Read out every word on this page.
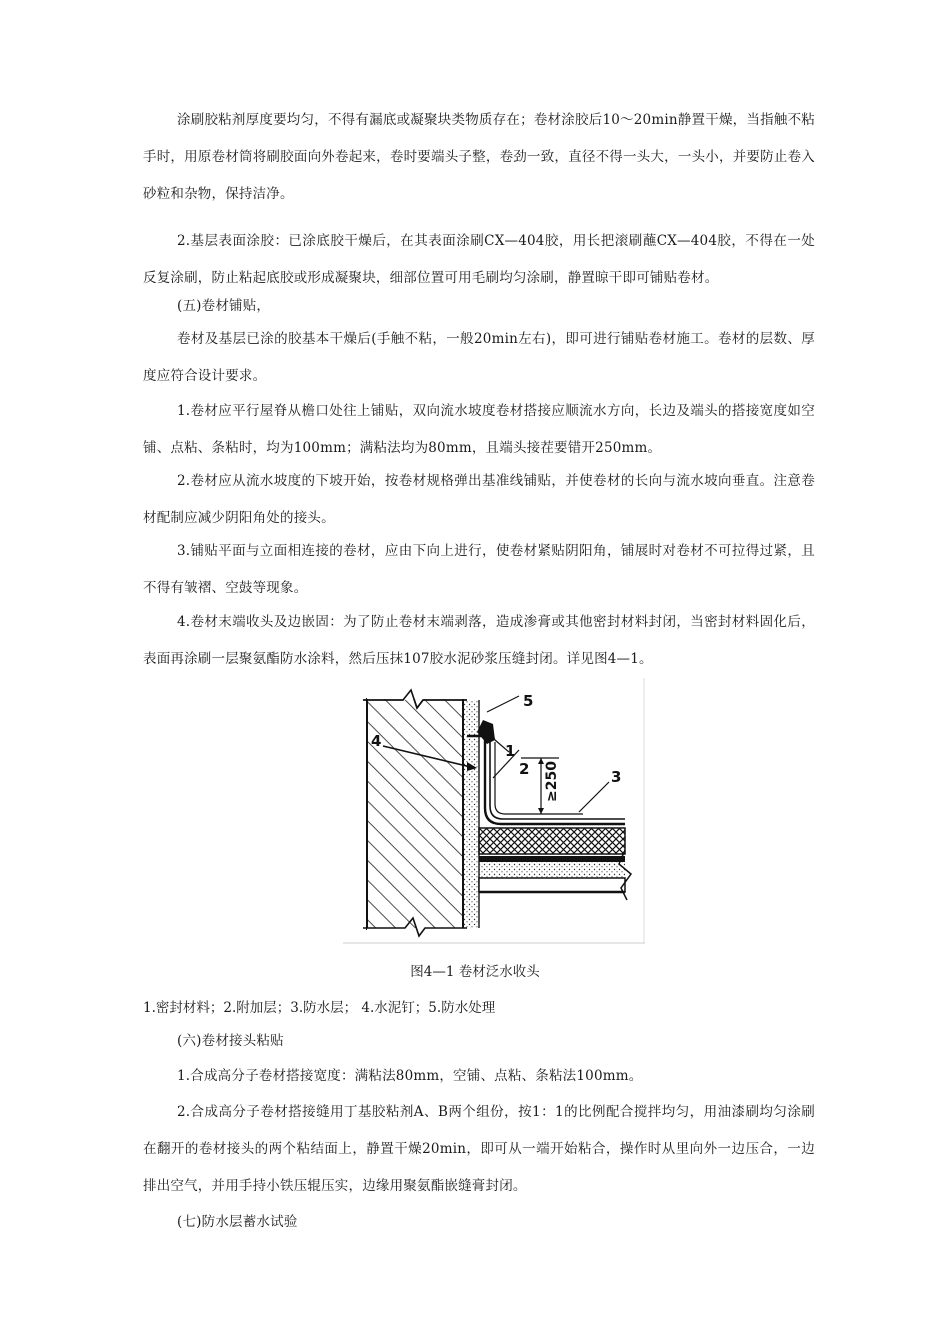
涂刷胶粘剂厚度要均匀，不得有漏底或凝聚块类物质存在；卷材涂胶后10～20min静置干燥，当指触不粘手时，用原卷材筒将刷胶面向外卷起来，卷时要端头子整，卷劲一致，直径不得一头大，一头小，并要防止卷入砂粒和杂物，保持洁净。

2.基层表面涂胶：已涂底胶干燥后，在其表面涂刷CX—404胶，用长把滚刷蘸CX—404胶，不得在一处反复涂刷，防止粘起底胶或形成凝聚块，细部位置可用毛刷均匀涂刷，静置晾干即可铺贴卷材。

(五)卷材铺贴，

卷材及基层已涂的胶基本干燥后(手触不粘，一般20min左右)，即可进行铺贴卷材施工。卷材的层数、厚度应符合设计要求。

1.卷材应平行屋脊从檐口处往上铺贴，双向流水坡度卷材搭接应顺流水方向，长边及端头的搭接宽度如空铺、点粘、条粘时，均为100mm；满粘法均为80mm，且端头接茬要错开250mm。

2.卷材应从流水坡度的下坡开始，按卷材规格弹出基准线铺贴，并使卷材的长向与流水坡向垂直。注意卷材配制应减少阴阳角处的接头。

3.铺贴平面与立面相连接的卷材，应由下向上进行，使卷材紧贴阴阳角，铺展时对卷材不可拉得过紧，且不得有皱褶、空鼓等现象。

4.卷材末端收头及边嵌固：为了防止卷材末端剥落，造成渗膏或其他密封材料封闭，当密封材料固化后，表面再涂刷一层聚氨酯防水涂料，然后压抹107胶水泥砂浆压缝封闭。详见图4—1。

≥250
5
1
2	3
4

图4—1 卷材泛水收头

1.密封材料；2.附加层；3.防水层； 4.水泥钉；5.防水处理

(六)卷材接头粘贴

1.合成高分子卷材搭接宽度：满粘法80mm，空铺、点粘、条粘法100mm。

2.合成高分子卷材搭接缝用丁基胶粘剂A、B两个组份，按1：1的比例配合搅拌均匀，用油漆刷均匀涂刷在翻开的卷材接头的两个粘结面上，静置干燥20min，即可从一端开始粘合，操作时从里向外一边压合，一边排出空气，并用手持小铁压辊压实，边缘用聚氨酯嵌缝膏封闭。

(七)防水层蓄水试验
